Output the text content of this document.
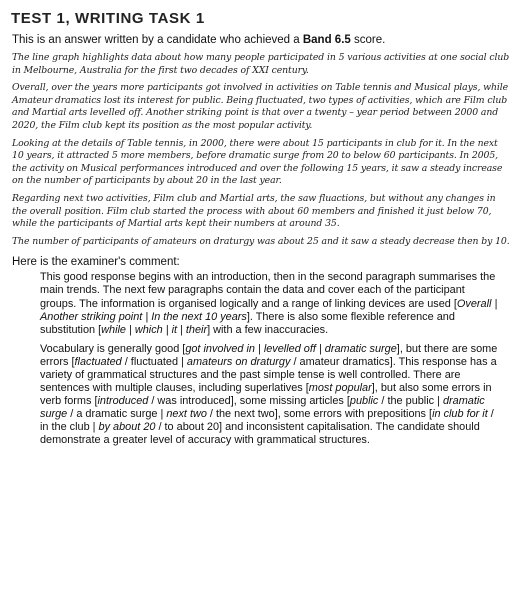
TEST 1, WRITING TASK 1
This is an answer written by a candidate who achieved a Band 6.5 score.

The line graph highlights data about how many people participated in 5 various activities at one social club in Melbourne, Australia for the first two decades of XXI century.

Overall, over the years more participants got involved in activities on Table tennis and Musical plays, while Amateur dramatics lost its interest for public. Being fluctuated, two types of activities, which are Film club and Martial arts levelled off. Another striking point is that over a twenty – year period between 2000 and 2020, the Film club kept its position as the most popular activity.

Looking at the details of Table tennis, in 2000, there were about 15 participants in club for it. In the next 10 years, it attracted 5 more members, before dramatic surge from 20 to below 60 participants. In 2005, the activity on Musical performances introduced and over the following 15 years, it saw a steady increase on the number of participants by about 20 in the last year.

Regarding next two activities, Film club and Martial arts, the saw fluactions, but without any changes in the overall position. Film club started the process with about 60 members and finished it just below 70, while the participants of Martial arts kept their numbers at around 35.

The number of participants of amateurs on draturgy was about 25 and it saw a steady decrease then by 10.

Here is the examiner's comment:

This good response begins with an introduction, then in the second paragraph summarises the main trends. The next few paragraphs contain the data and cover each of the participant groups. The information is organised logically and a range of linking devices are used [Overall | Another striking point | In the next 10 years]. There is also some flexible reference and substitution [while | which | it | their] with a few inaccuracies.

Vocabulary is generally good [got involved in | levelled off | dramatic surge], but there are some errors [flactuated / fluctuated | amateurs on draturgy / amateur dramatics]. This response has a variety of grammatical structures and the past simple tense is well controlled. There are sentences with multiple clauses, including superlatives [most popular], but also some errors in verb forms [introduced / was introduced], some missing articles [public / the public | dramatic surge / a dramatic surge | next two / the next two], some errors with prepositions [in club for it / in the club | by about 20 / to about 20] and inconsistent capitalisation. The candidate should demonstrate a greater level of accuracy with grammatical structures.
